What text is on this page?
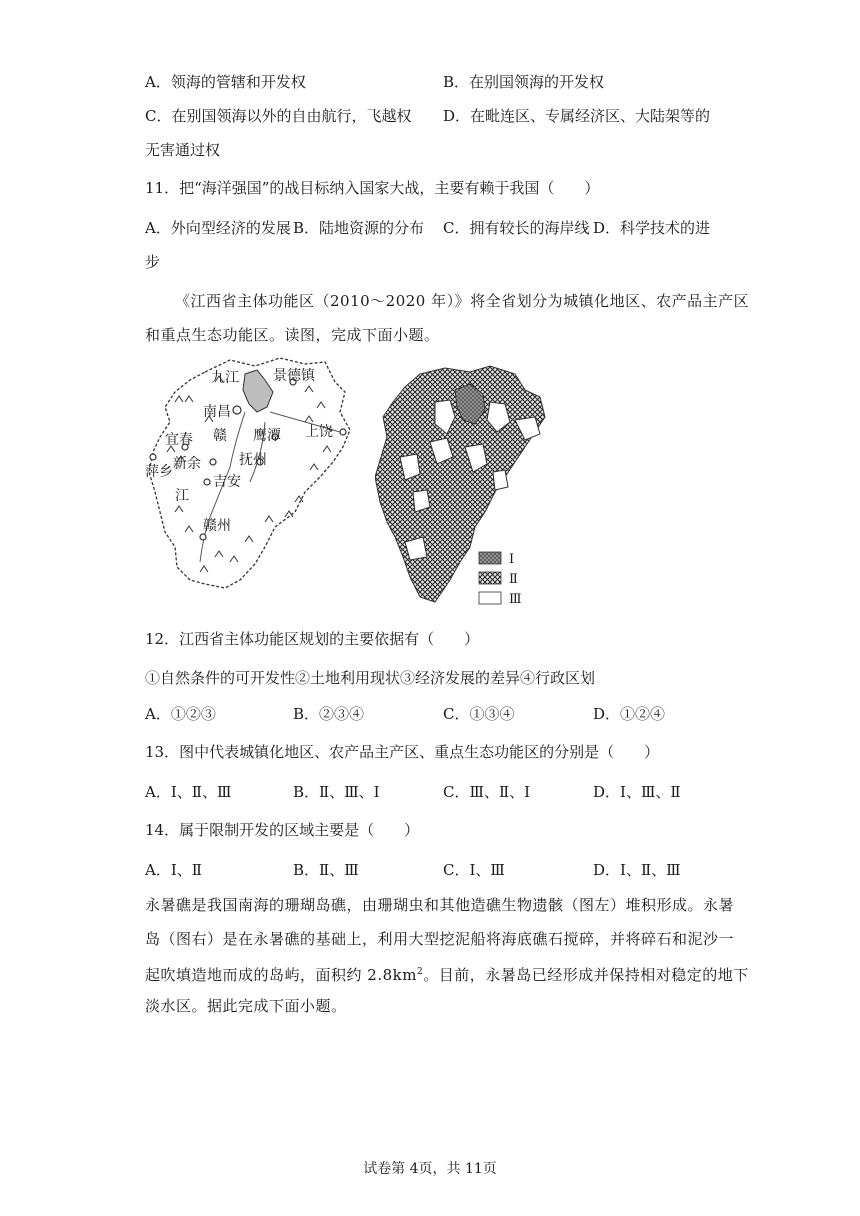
A．领海的管辖和开发权	B．在别国领海的开发权
C．在别国领海以外的自由航行，飞越权 D．在毗连区、专属经济区、大陆架等的
无害通过权
11．把“海洋强国”的战目标纳入国家大战，主要有赖于我国（　　）
A．外向型经济的发展 B．陆地资源的分布 C．拥有较长的海岸线 D．科学技术的进
步
《江西省主体功能区（2010～2020 年）》将全省划分为城镇化地区、农产品主产区
和重点生态功能区。读图，完成下面小题。
九江 景德镇
南昌
赣 鹰潭 上饶
宜春
新余
萍乡
抚州
吉安
江
赣州
Ⅰ
Ⅱ
Ⅲ
12．江西省主体功能区规划的主要依据有（　　）
①自然条件的可开发性②土地利用现状③经济发展的差异④行政区划
A．①②③	B．②③④	C．①③④	D．①②④
13．图中代表城镇化地区、农产品主产区、重点生态功能区的分别是（　　）
A．Ⅰ、Ⅱ、Ⅲ	B．Ⅱ、Ⅲ、Ⅰ	C．Ⅲ、Ⅱ、Ⅰ	D．Ⅰ、Ⅲ、Ⅱ
14．属于限制开发的区域主要是（　　）
A．Ⅰ、Ⅱ	B．Ⅱ、Ⅲ	C．Ⅰ、Ⅲ	D．Ⅰ、Ⅱ、Ⅲ
永暑礁是我国南海的珊瑚岛礁，由珊瑚虫和其他造礁生物遗骸（图左）堆积形成。永暑
岛（图右）是在永暑礁的基础上，利用大型挖泥船将海底礁石搅碎，并将碎石和泥沙一
起吹填造地而成的岛屿，面积约 $2.8km^2$。目前，永暑岛已经形成并保持相对稳定的地下
淡水区。据此完成下面小题。
试卷第 4页，共 11页
